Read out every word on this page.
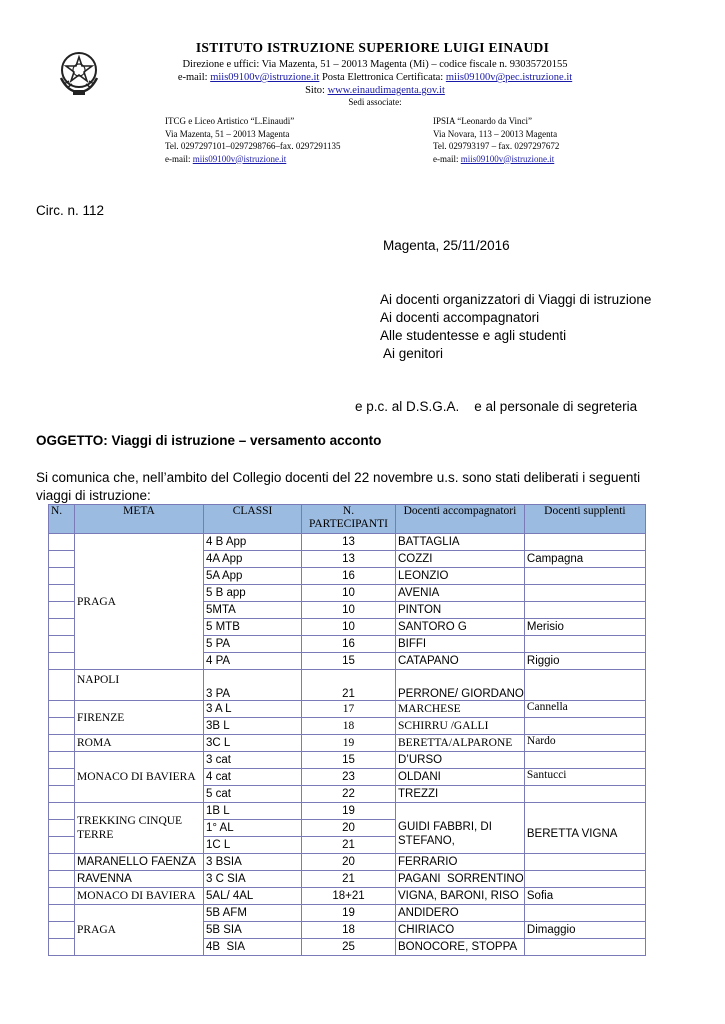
ISTITUTO ISTRUZIONE SUPERIORE LUIGI EINAUDI
Direzione e uffici: Via Mazenta, 51 – 20013 Magenta (Mi) – codice fiscale n. 93035720155
e-mail: miis09100v@istruzione.it Posta Elettronica Certificata: miis09100v@pec.istruzione.it
Sito: www.einaudimagenta.gov.it
Sedi associate:
ITCG e Liceo Artistico “L.Einaudi”
Via Mazenta, 51 – 20013 Magenta
Tel. 0297297101–0297298766–fax. 0297291135
e-mail: miis09100v@istruzione.it
IPSIA “Leonardo da Vinci”
Via Novara, 113 – 20013 Magenta
Tel. 029793197 – fax. 0297297672
e-mail: miis09100v@istruzione.it
Circ. n. 112
Magenta, 25/11/2016
Ai docenti organizzatori di Viaggi di istruzione
Ai docenti accompagnatori
Alle studentesse e agli studenti
Ai genitori
e p.c. al D.S.G.A.    e al personale di segreteria
OGGETTO: Viaggi di istruzione – versamento acconto
Si comunica che, nell’ambito del Collegio docenti del 22 novembre u.s. sono stati deliberati i seguenti
viaggi di istruzione:
N.	META	CLASSI	N. PARTECIPANTI	Docenti accompagnatori	Docenti supplenti
	PRAGA	4 B App	13	BATTAGLIA	
		4A App	13	COZZI	Campagna
		5A App	16	LEONZIO	
		5 B app	10	AVENIA	
		5MTA	10	PINTON	
		5 MTB	10	SANTORO G	Merisio
		5 PA	16	BIFFI	
		4 PA	15	CATAPANO	Riggio
	NAPOLI	3 PA	21	PERRONE/ GIORDANO	
	FIRENZE	3 A L	17	MARCHESE	Cannella
		3B L	18	SCHIRRU /GALLI	
	ROMA	3C L	19	BERETTA/ALPARONE	Nardo
	MONACO DI BAVIERA	3 cat	15	D’URSO	
		4 cat	23	OLDANI	Santucci
		5 cat	22	TREZZI	
	TREKKING CINQUE TERRE	1B L	19	GUIDI FABBRI, DI STEFANO,	BERETTA VIGNA
		1° AL	20		
		1C L	21		
	MARANELLO FAENZA	3 BSIA	20	FERRARIO	
	RAVENNA	3 C SIA	21	PAGANI  SORRENTINO	
	MONACO DI BAVIERA	5AL/ 4AL	18+21	VIGNA, BARONI, RISO	Sofia
	PRAGA	5B AFM	19	ANDIDERO	
		5B SIA	18	CHIRIACO	Dimaggio
		4B  SIA	25	BONOCORE, STOPPA	
